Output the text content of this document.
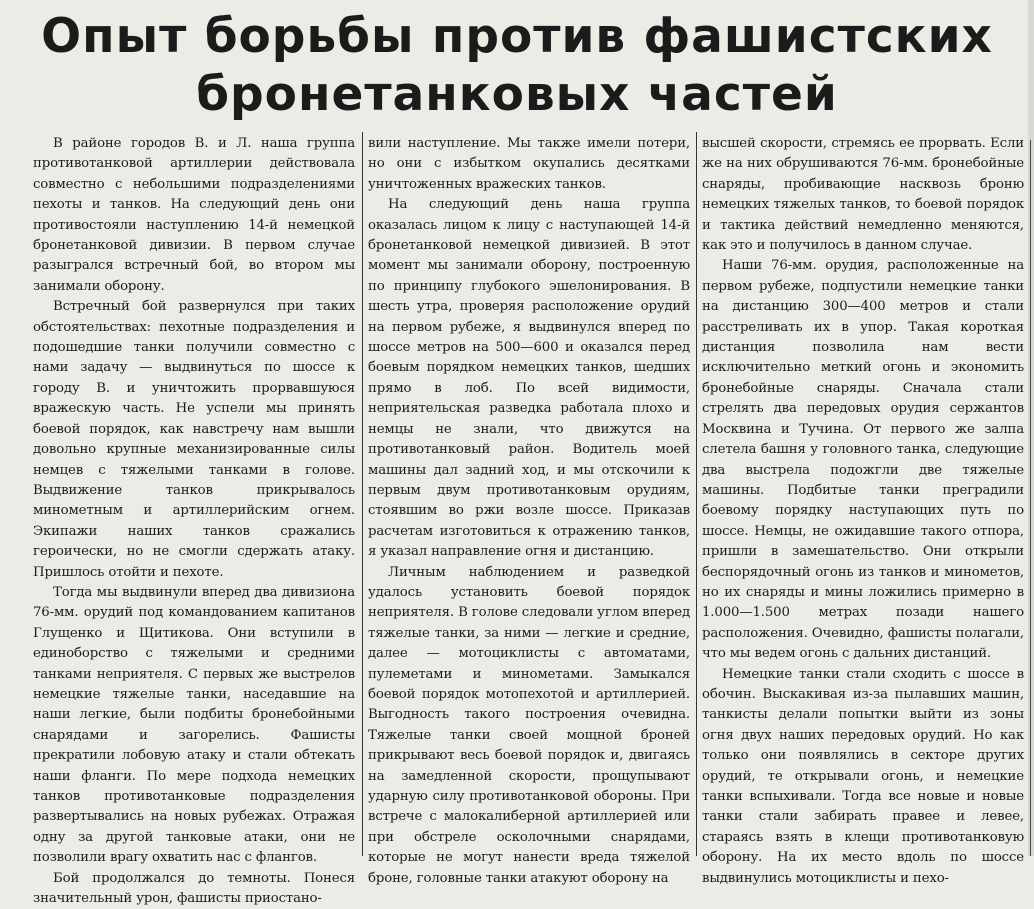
Опыт борьбы против фашистских
бронетанковых частей

В районе городов В. и Л. наша группа противотанковой артиллерии действовала совместно с небольшими подразделениями пехоты и танков. На следующий день они противостояли наступлению 14-й немецкой бронетанковой дивизии. В первом случае разыгрался встречный бой, во втором мы занимали оборону.

Встречный бой развернулся при таких обстоятельствах: пехотные подразделения и подошедшие танки получили совместно с нами задачу — выдвинуться по шоссе к городу В. и уничтожить прорвавшуюся вражескую часть. Не успели мы принять боевой порядок, как навстречу нам вышли довольно крупные механизированные силы немцев с тяжелыми танками в голове. Выдвижение танков прикрывалось минометным и артиллерийским огнем. Экипажи наших танков сражались героически, но не смогли сдержать атаку. Пришлось отойти и пехоте.

Тогда мы выдвинули вперед два дивизиона 76-мм. орудий под командованием капитанов Глущенко и Щитикова. Они вступили в единоборство с тяжелыми и средними танками неприятеля. С первых же выстрелов немецкие тяжелые танки, наседавшие на наши легкие, были подбиты бронебойными снарядами и загорелись. Фашисты прекратили лобовую атаку и стали обтекать наши фланги. По мере подхода немецких танков противотанковые подразделения развертывались на новых рубежах. Отражая одну за другой танковые атаки, они не позволили врагу охватить нас с флангов.

Бой продолжался до темноты. Понеся значительный урон, фашисты приостано-

вили наступление. Мы также имели потери, но они с избытком окупались десятками уничтоженных вражеских танков.

На следующий день наша группа оказалась лицом к лицу с наступающей 14-й бронетанковой немецкой дивизией. В этот момент мы занимали оборону, построенную по принципу глубокого эшелонирования. В шесть утра, проверяя расположение орудий на первом рубеже, я выдвинулся вперед по шоссе метров на 500—600 и оказался перед боевым порядком немецких танков, шедших прямо в лоб. По всей видимости, неприятельская разведка работала плохо и немцы не знали, что движутся на противотанковый район. Водитель моей машины дал задний ход, и мы отскочили к первым двум противотанковым орудиям, стоявшим во ржи возле шоссе. Приказав расчетам изготовиться к отражению танков, я указал направление огня и дистанцию.

Личным наблюдением и разведкой удалось установить боевой порядок неприятеля. В голове следовали углом вперед тяжелые танки, за ними — легкие и средние, далее — мотоциклисты с автоматами, пулеметами и минометами. Замыкался боевой порядок мотопехотой и артиллерией. Выгодность такого построения очевидна. Тяжелые танки своей мощной броней прикрывают весь боевой порядок и, двигаясь на замедленной скорости, прощупывают ударную силу противотанковой обороны. При встрече с малокалиберной артиллерией или при обстреле осколочными снарядами, которые не могут нанести вреда тяжелой броне, головные танки атакуют оборону на

высшей скорости, стремясь ее прорвать. Если же на них обрушиваются 76-мм. бронебойные снаряды, пробивающие насквозь броню немецких тяжелых танков, то боевой порядок и тактика действий немедленно меняются, как это и получилось в данном случае.

Наши 76-мм. орудия, расположенные на первом рубеже, подпустили немецкие танки на дистанцию 300—400 метров и стали расстреливать их в упор. Такая короткая дистанция позволила нам вести исключительно меткий огонь и экономить бронебойные снаряды. Сначала стали стрелять два передовых орудия сержантов Москвина и Тучина. От первого же залпа слетела башня у головного танка, следующие два выстрела подожгли две тяжелые машины. Подбитые танки преградили боевому порядку наступающих путь по шоссе. Немцы, не ожидавшие такого отпора, пришли в замешательство. Они открыли беспорядочный огонь из танков и минометов, но их снаряды и мины ложились примерно в 1.000—1.500 метрах позади нашего расположения. Очевидно, фашисты полагали, что мы ведем огонь с дальних дистанций.

Немецкие танки стали сходить с шоссе в обочин. Выскакивая из-за пылавших машин, танкисты делали попытки выйти из зоны огня двух наших передовых орудий. Но как только они появлялись в секторе других орудий, те открывали огонь, и немецкие танки вспыхивали. Тогда все новые и новые танки стали забирать правее и левее, стараясь взять в клещи противотанковую оборону. На их место вдоль по шоссе выдвинулись мотоциклисты и пехо-
